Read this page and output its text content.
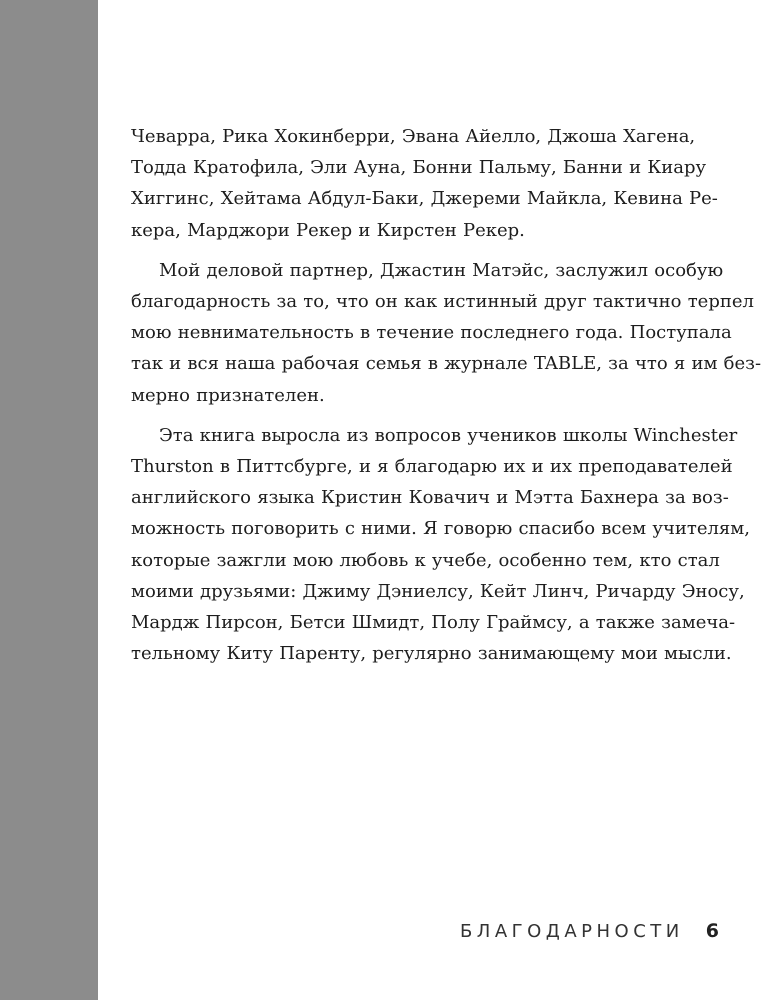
Чеварра, Рика Хокинберри, Эвана Айелло, Джоша Хагена,
Тодда Кратофила, Эли Ауна, Бонни Пальму, Банни и Киару
Хиггинс, Хейтама Абдул-Баки, Джереми Майкла, Кевина Ре-
кера, Марджори Рекер и Кирстен Рекер.

Мой деловой партнер, Джастин Матэйс, заслужил особую
благодарность за то, что он как истинный друг тактично терпел
мою невнимательность в течение последнего года. Поступала
так и вся наша рабочая семья в журнале TABLE, за что я им без-
мерно признателен.

Эта книга выросла из вопросов учеников школы Winchester
Thurston в Питтсбурге, и я благодарю их и их преподавателей
английского языка Кристин Ковачич и Мэтта Бахнера за воз-
можность поговорить с ними. Я говорю спасибо всем учителям,
которые зажгли мою любовь к учебе, особенно тем, кто стал
моими друзьями: Джиму Дэниелсу, Кейт Линч, Ричарду Эносу,
Мардж Пирсон, Бетси Шмидт, Полу Граймсу, а также замеча-
тельному Киту Паренту, регулярно занимающему мои мысли.

БЛАГОДАРНОСТИ 6
